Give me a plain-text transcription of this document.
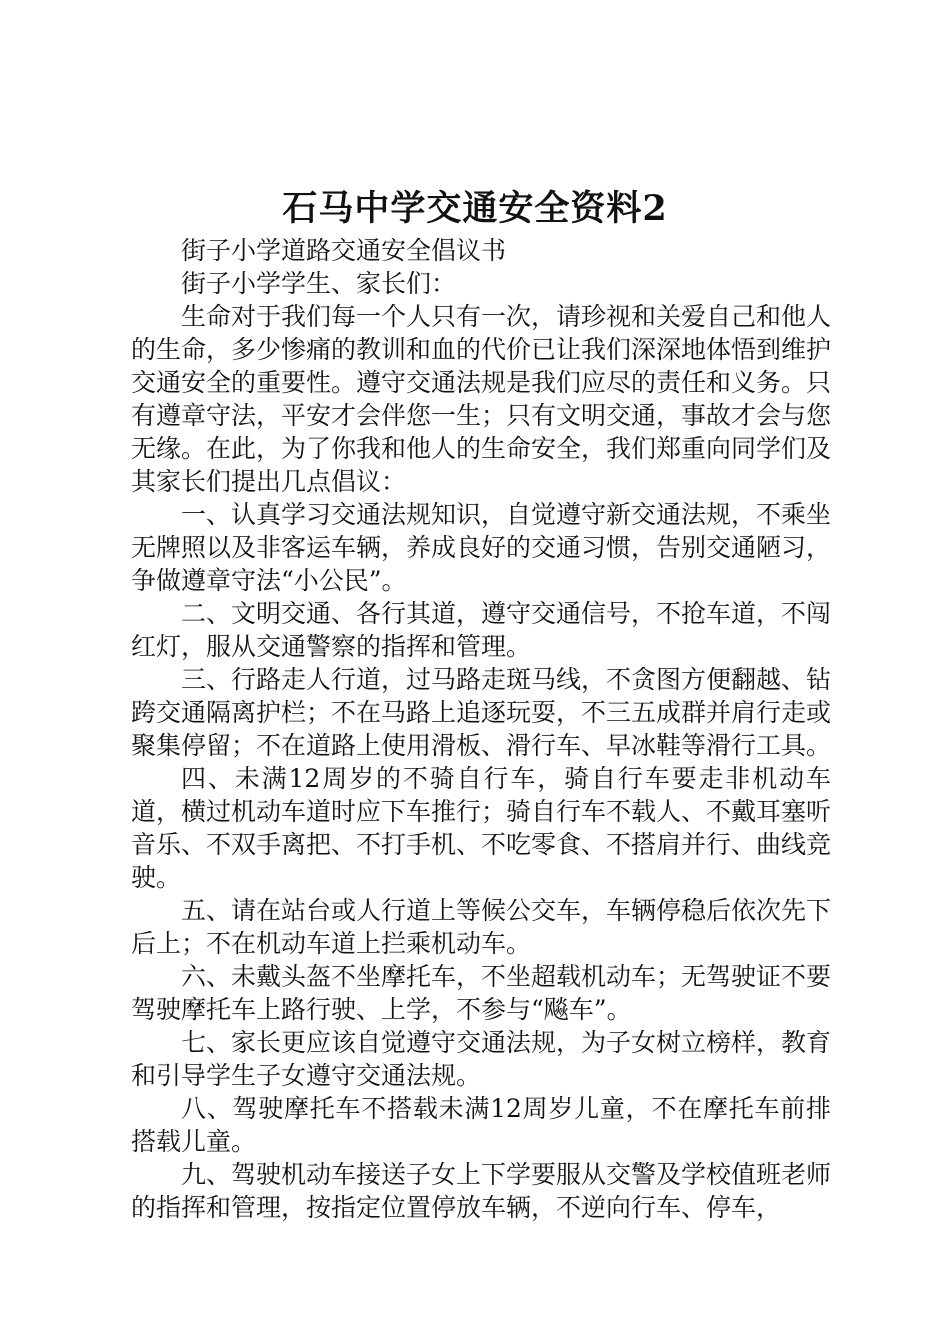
石马中学交通安全资料2

街子小学道路交通安全倡议书

街子小学学生、家长们：

生命对于我们每一个人只有一次，请珍视和关爱自己和他人的生命，多少惨痛的教训和血的代价已让我们深深地体悟到维护交通安全的重要性。遵守交通法规是我们应尽的责任和义务。只有遵章守法，平安才会伴您一生；只有文明交通，事故才会与您无缘。在此，为了你我和他人的生命安全，我们郑重向同学们及其家长们提出几点倡议：

一、认真学习交通法规知识，自觉遵守新交通法规，不乘坐无牌照以及非客运车辆，养成良好的交通习惯，告别交通陋习，争做遵章守法“小公民”。

二、文明交通、各行其道，遵守交通信号，不抢车道，不闯红灯，服从交通警察的指挥和管理。

三、行路走人行道，过马路走斑马线，不贪图方便翻越、钻跨交通隔离护栏；不在马路上追逐玩耍，不三五成群并肩行走或聚集停留；不在道路上使用滑板、滑行车、早冰鞋等滑行工具。

四、未满12周岁的不骑自行车，骑自行车要走非机动车道，横过机动车道时应下车推行；骑自行车不载人、不戴耳塞听音乐、不双手离把、不打手机、不吃零食、不搭肩并行、曲线竞驶。

五、请在站台或人行道上等候公交车，车辆停稳后依次先下后上；不在机动车道上拦乘机动车。

六、未戴头盔不坐摩托车，不坐超载机动车；无驾驶证不要驾驶摩托车上路行驶、上学，不参与“飚车”。

七、家长更应该自觉遵守交通法规，为子女树立榜样，教育和引导学生子女遵守交通法规。

八、驾驶摩托车不搭载未满12周岁儿童，不在摩托车前排搭载儿童。

九、驾驶机动车接送子女上下学要服从交警及学校值班老师的指挥和管理，按指定位置停放车辆，不逆向行车、停车，
